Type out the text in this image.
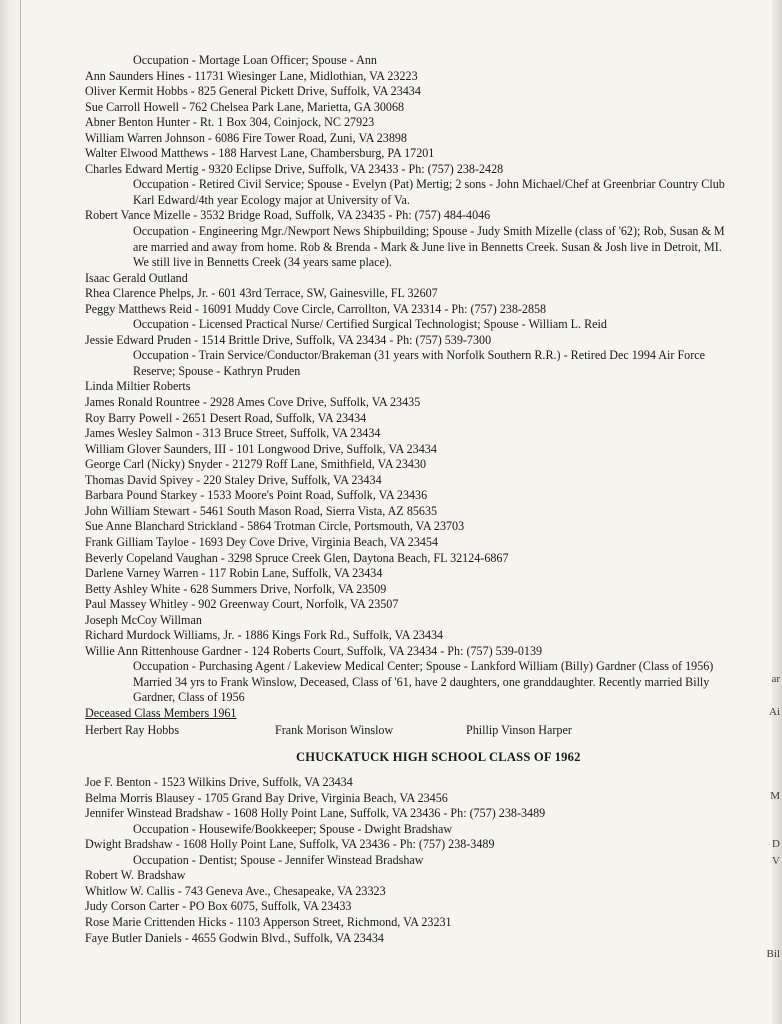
Occupation - Mortage Loan Officer; Spouse - Ann
Ann Saunders Hines - 11731 Wiesinger Lane, Midlothian, VA 23223
Oliver Kermit Hobbs - 825 General Pickett Drive, Suffolk, VA 23434
Sue Carroll Howell - 762 Chelsea Park Lane, Marietta, GA 30068
Abner Benton Hunter - Rt. 1 Box 304, Coinjock, NC 27923
William Warren Johnson - 6086 Fire Tower Road, Zuni, VA 23898
Walter Elwood Matthews - 188 Harvest Lane, Chambersburg, PA 17201
Charles Edward Mertig - 9320 Eclipse Drive, Suffolk, VA 23433 - Ph: (757) 238-2428
Occupation - Retired Civil Service; Spouse - Evelyn (Pat) Mertig; 2 sons - John Michael/Chef at Greenbriar Country Club
Karl Edward/4th year Ecology major at University of Va.
Robert Vance Mizelle - 3532 Bridge Road, Suffolk, VA 23435 - Ph: (757) 484-4046
Occupation - Engineering Mgr./Newport News Shipbuilding; Spouse - Judy Smith Mizelle (class of '62); Rob, Susan & M
are married and away from home. Rob & Brenda - Mark & June live in Bennetts Creek. Susan & Josh live in Detroit, MI.
We still live in Bennetts Creek (34 years same place).
Isaac Gerald Outland
Rhea Clarence Phelps, Jr. - 601 43rd Terrace, SW, Gainesville, FL 32607
Peggy Matthews Reid - 16091 Muddy Cove Circle, Carrollton, VA 23314 - Ph: (757) 238-2858
Occupation - Licensed Practical Nurse/ Certified Surgical Technologist; Spouse - William L. Reid
Jessie Edward Pruden - 1514 Brittle Drive, Suffolk, VA 23434 - Ph: (757) 539-7300
Occupation - Train Service/Conductor/Brakeman (31 years with Norfolk Southern R.R.) - Retired Dec 1994 Air Force
Reserve; Spouse - Kathryn Pruden
Linda Miltier Roberts
James Ronald Rountree - 2928 Ames Cove Drive, Suffolk, VA 23435
Roy Barry Powell - 2651 Desert Road, Suffolk, VA 23434
James Wesley Salmon - 313 Bruce Street, Suffolk, VA 23434
William Glover Saunders, III - 101 Longwood Drive, Suffolk, VA 23434
George Carl (Nicky) Snyder - 21279 Roff Lane, Smithfield, VA 23430
Thomas David Spivey - 220 Staley Drive, Suffolk, VA 23434
Barbara Pound Starkey - 1533 Moore's Point Road, Suffolk, VA 23436
John William Stewart - 5461 South Mason Road, Sierra Vista, AZ 85635
Sue Anne Blanchard Strickland - 5864 Trotman Circle, Portsmouth, VA 23703
Frank Gilliam Tayloe - 1693 Dey Cove Drive, Virginia Beach, VA 23454
Beverly Copeland Vaughan - 3298 Spruce Creek Glen, Daytona Beach, FL 32124-6867
Darlene Varney Warren - 117 Robin Lane, Suffolk, VA 23434
Betty Ashley White - 628 Summers Drive, Norfolk, VA 23509
Paul Massey Whitley - 902 Greenway Court, Norfolk, VA 23507
Joseph McCoy Willman
Richard Murdock Williams, Jr. - 1886 Kings Fork Rd., Suffolk, VA 23434
Willie Ann Rittenhouse Gardner - 124 Roberts Court, Suffolk, VA 23434 - Ph: (757) 539-0139
Occupation - Purchasing Agent / Lakeview Medical Center; Spouse - Lankford William (Billy) Gardner (Class of 1956)
Married 34 yrs to Frank Winslow, Deceased, Class of '61, have 2 daughters, one granddaughter. Recently married Billy
Gardner, Class of 1956
Deceased Class Members 1961
Herbert Ray Hobbs	Frank Morison Winslow	Phillip Vinson Harper
CHUCKATUCK HIGH SCHOOL CLASS OF 1962
Joe F. Benton - 1523 Wilkins Drive, Suffolk, VA 23434
Belma Morris Blausey - 1705 Grand Bay Drive, Virginia Beach, VA 23456
Jennifer Winstead Bradshaw - 1608 Holly Point Lane, Suffolk, VA 23436 - Ph: (757) 238-3489
Occupation - Housewife/Bookkeeper; Spouse - Dwight Bradshaw
Dwight Bradshaw - 1608 Holly Point Lane, Suffolk, VA 23436 - Ph: (757) 238-3489
Occupation - Dentist; Spouse - Jennifer Winstead Bradshaw
Robert W. Bradshaw
Whitlow W. Callis - 743 Geneva Ave., Chesapeake, VA 23323
Judy Corson Carter - PO Box 6075, Suffolk, VA 23433
Rose Marie Crittenden Hicks - 1103 Apperson Street, Richmond, VA 23231
Faye Butler Daniels - 4655 Godwin Blvd., Suffolk, VA 23434
ar
Ai
M
D
V
Bil
